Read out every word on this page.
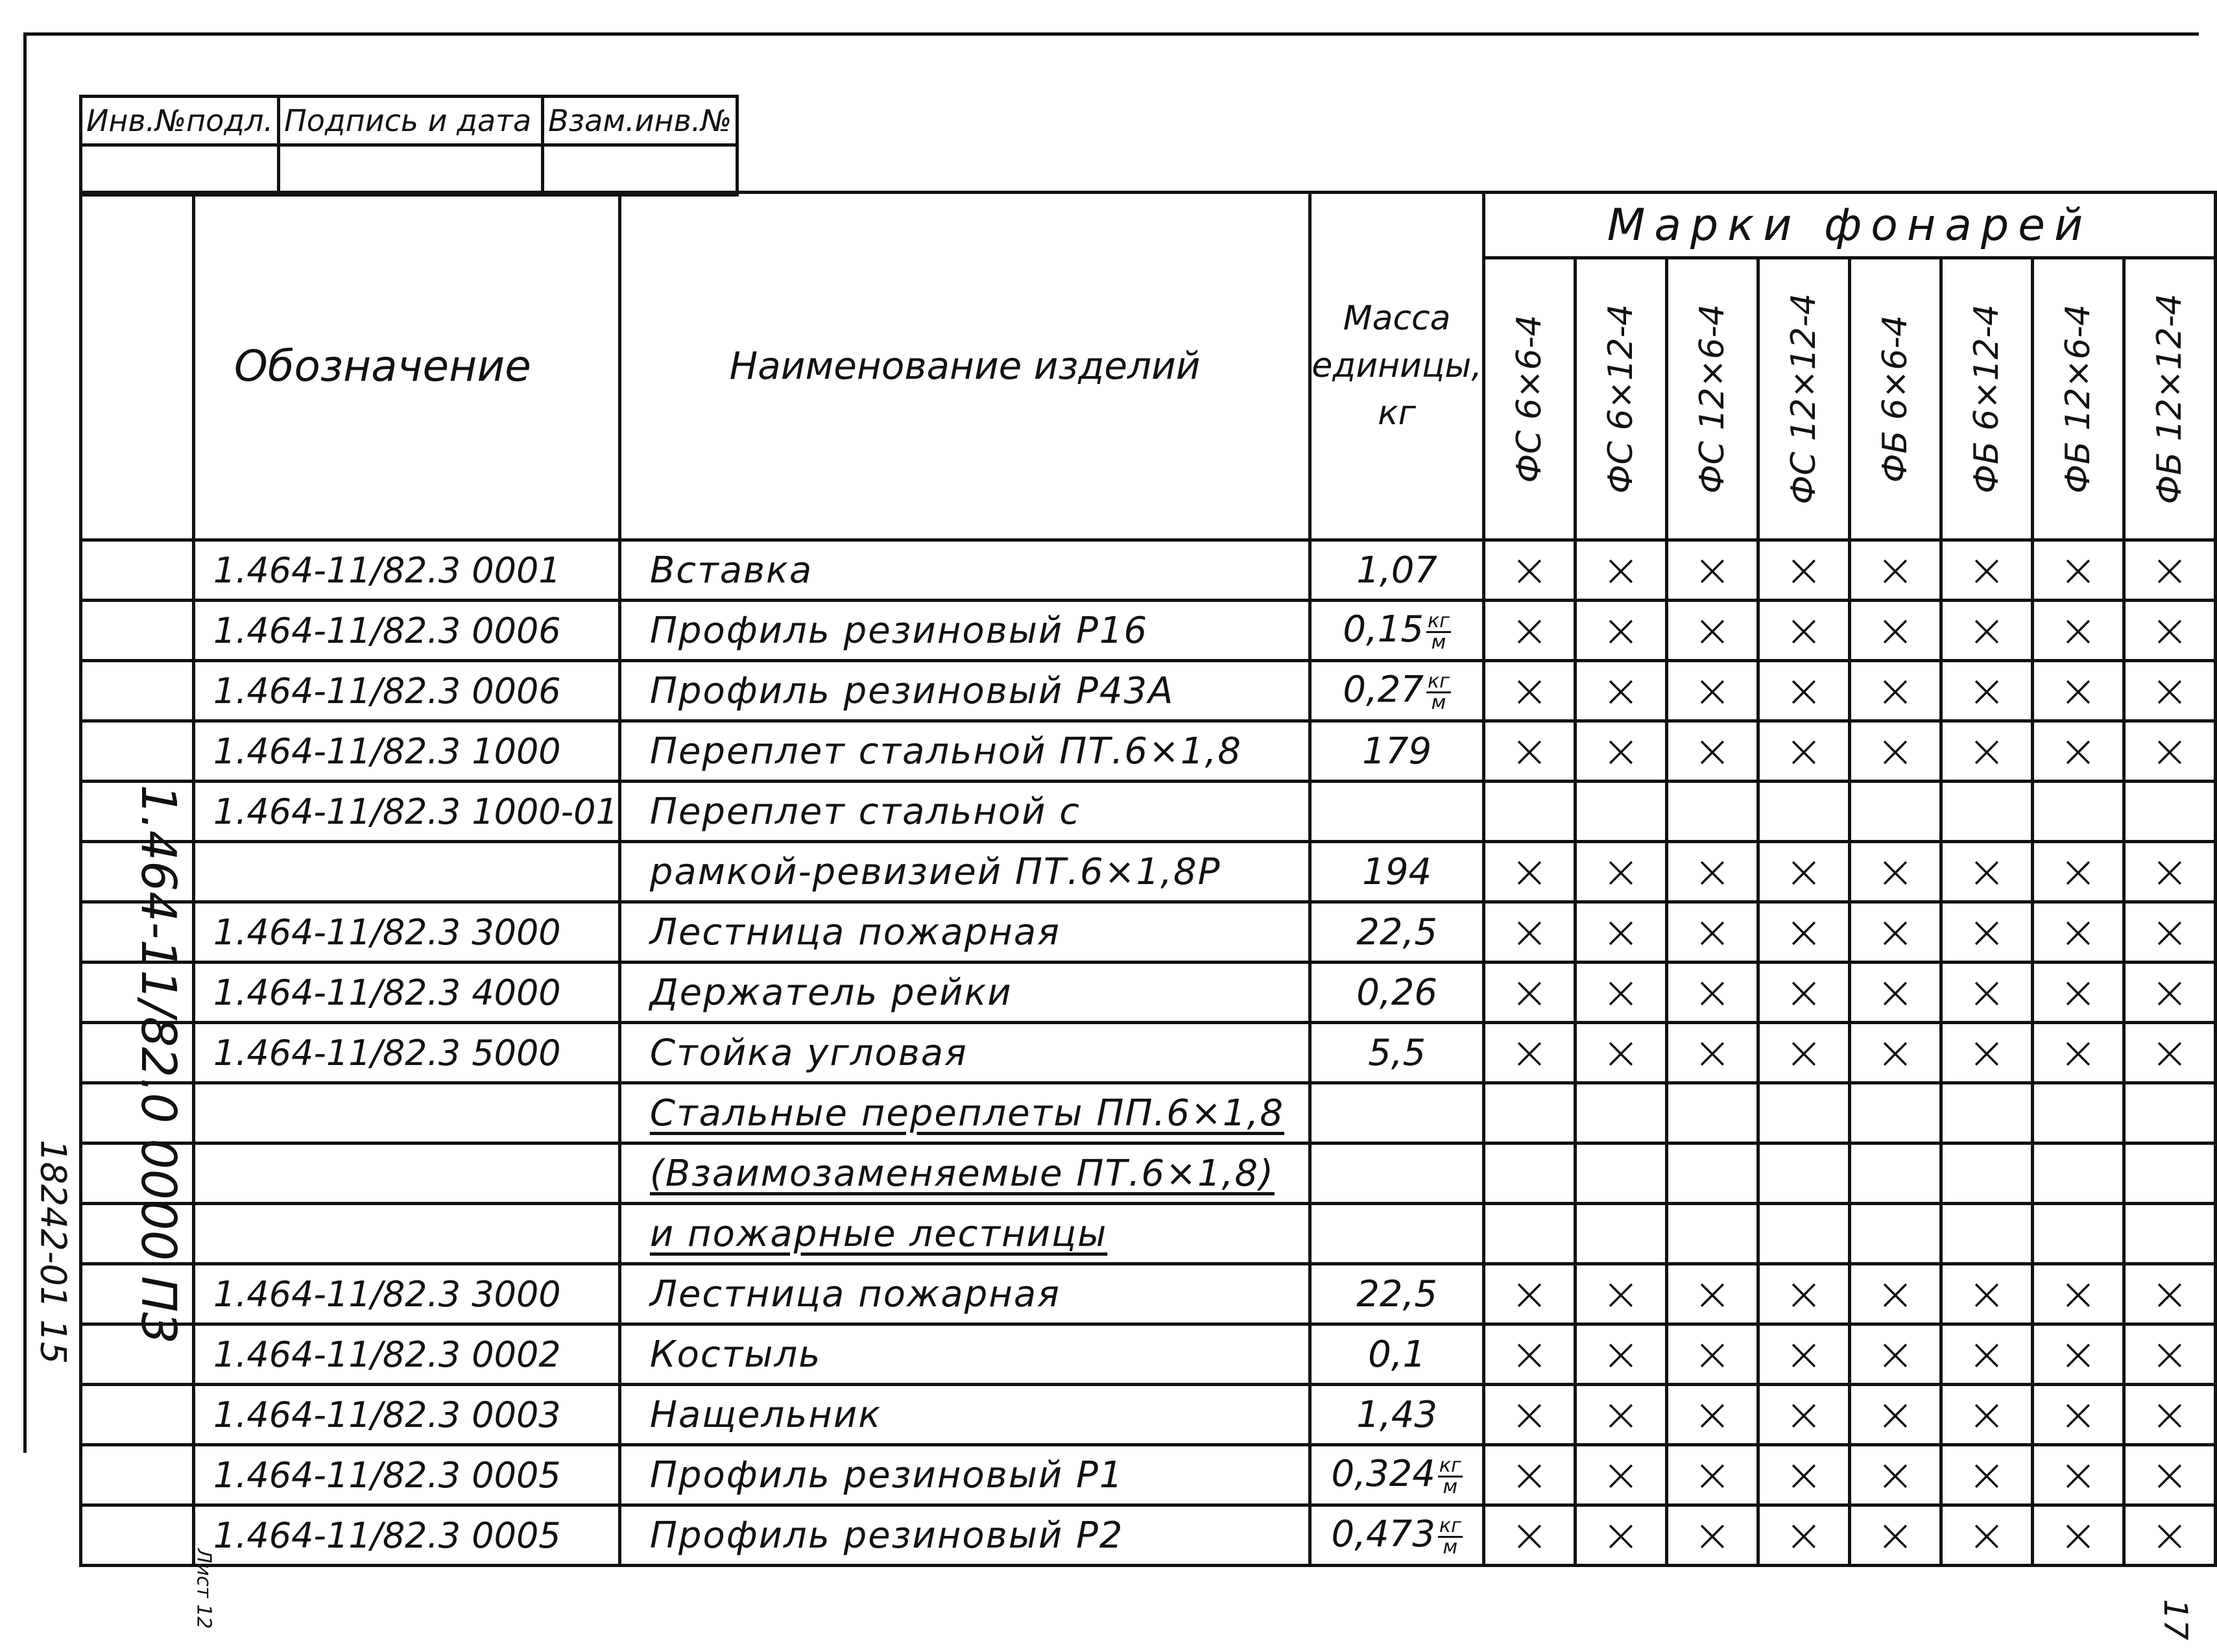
Инв.№подл.	Подпись и дата	Взам.инв.№

	Обозначение	Наименование изделий	Масса единицы, кг	Марки фонарей							

				ФС 6×6-4	ФС 6×12-4	ФС 12×6-4	ФС 12×12-4	ФБ 6×6-4	ФБ 6×12-4	ФБ 12×6-4	ФБ 12×12-4

	1.464-11/82.3 0001	Вставка	1,07	×	×	×	×	×	×	×	×
	1.464-11/82.3 0006	Профиль резиновый Р16	$0,15 \frac{кг}{м}$	×	×	×	×	×	×	×	×
	1.464-11/82.3 0006	Профиль резиновый Р43А	$0,27 \frac{кг}{м}$	×	×	×	×	×	×	×	×
	1.464-11/82.3 1000	Переплет стальной ПТ.6×1,8	179	×	×	×	×	×	×	×	×
	1.464-11/82.3 1000-01	Переплет стальной с									
		рамкой-ревизией ПТ.6×1,8Р	194	×	×	×	×	×	×	×	×
	1.464-11/82.3 3000	Лестница пожарная	22,5	×	×	×	×	×	×	×	×
	1.464-11/82.3 4000	Держатель рейки	0,26	×	×	×	×	×	×	×	×
	1.464-11/82.3 5000	Стойка угловая	5,5	×	×	×	×	×	×	×	×
		Стальные переплеты ПП.6×1,8									
		(Взаимозаменяемые ПТ.6×1,8)									
		и пожарные лестницы									
	1.464-11/82.3 3000	Лестница пожарная	22,5	×	×	×	×	×	×	×	×
	1.464-11/82.3 0002	Костыль	0,1	×	×	×	×	×	×	×	×
	1.464-11/82.3 0003	Нащельник	1,43	×	×	×	×	×	×	×	×
	1.464-11/82.3 0005	Профиль резиновый Р1	$0,324 \frac{кг}{м}$	×	×	×	×	×	×	×	×
	1.464-11/82.3 0005	Профиль резиновый Р2	$0,473 \frac{кг}{м}$	×	×	×	×	×	×	×	×
1.464-11/82.0 0000 ПЗ
18242-01 15
Лист 12	17
